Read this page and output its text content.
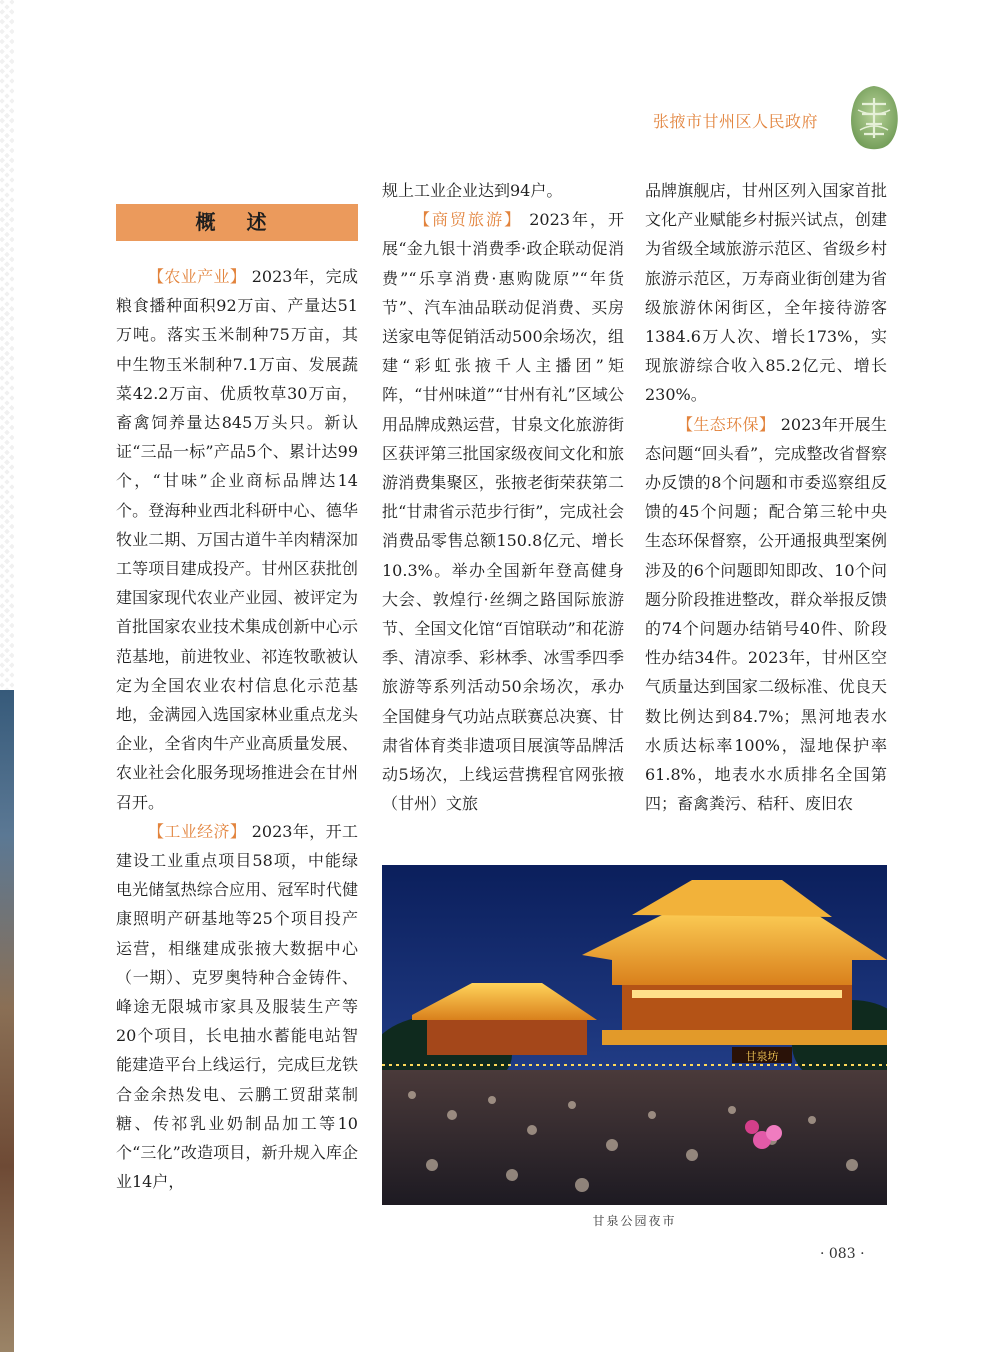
张掖市甘州区人民政府
概 述

【农业产业】 2023年，完成粮食播种面积92万亩、产量达51万吨。落实玉米制种75万亩，其中生物玉米制种7.1万亩、发展蔬菜42.2万亩、优质牧草30万亩，畜禽饲养量达845万头只。新认证“三品一标”产品5个、累计达99个，“甘味”企业商标品牌达14个。登海种业西北科研中心、德华牧业二期、万国古道牛羊肉精深加工等项目建成投产。甘州区获批创建国家现代农业产业园、被评定为首批国家农业技术集成创新中心示范基地，前进牧业、祁连牧歌被认定为全国农业农村信息化示范基地，金满园入选国家林业重点龙头企业，全省肉牛产业高质量发展、农业社会化服务现场推进会在甘州召开。

【工业经济】 2023年，开工建设工业重点项目58项，中能绿电光储氢热综合应用、冠军时代健康照明产研基地等25个项目投产运营，相继建成张掖大数据中心（一期）、克罗奥特种合金铸件、峰途无限城市家具及服装生产等20个项目，长电抽水蓄能电站智能建造平台上线运行，完成巨龙铁合金余热发电、云鹏工贸甜菜制糖、传祁乳业奶制品加工等10个“三化”改造项目，新升规入库企业14户，

规上工业企业达到94户。

【商贸旅游】 2023年，开展“金九银十消费季·政企联动促消费”“乐享消费·惠购陇原”“年货节”、汽车油品联动促消费、买房送家电等促销活动500余场次，组建“彩虹张掖千人主播团”矩阵，“甘州味道”“甘州有礼”区域公用品牌成熟运营，甘泉文化旅游街区获评第三批国家级夜间文化和旅游消费集聚区，张掖老街荣获第二批“甘肃省示范步行街”，完成社会消费品零售总额150.8亿元、增长10.3%。举办全国新年登高健身大会、敦煌行·丝绸之路国际旅游节、全国文化馆“百馆联动”和花游季、清凉季、彩林季、冰雪季四季旅游等系列活动50余场次，承办全国健身气功站点联赛总决赛、甘肃省体育类非遗项目展演等品牌活动5场次，上线运营携程官网张掖（甘州）文旅

品牌旗舰店，甘州区列入国家首批文化产业赋能乡村振兴试点，创建为省级全域旅游示范区、省级乡村旅游示范区，万寿商业街创建为省级旅游休闲街区，全年接待游客1384.6万人次、增长173%，实现旅游综合收入85.2亿元、增长230%。

【生态环保】 2023年开展生态问题“回头看”，完成整改省督察办反馈的8个问题和市委巡察组反馈的45个问题；配合第三轮中央生态环保督察，公开通报典型案例涉及的6个问题即知即改、10个问题分阶段推进整改，群众举报反馈的74个问题办结销号40件、阶段性办结34件。2023年，甘州区空气质量达到国家二级标准、优良天数比例达到84.7%；黑河地表水水质达标率100%，湿地保护率61.8%，地表水水质排名全国第四；畜禽粪污、秸秆、废旧农

甘泉坊
甘泉公园夜市
· 083 ·
